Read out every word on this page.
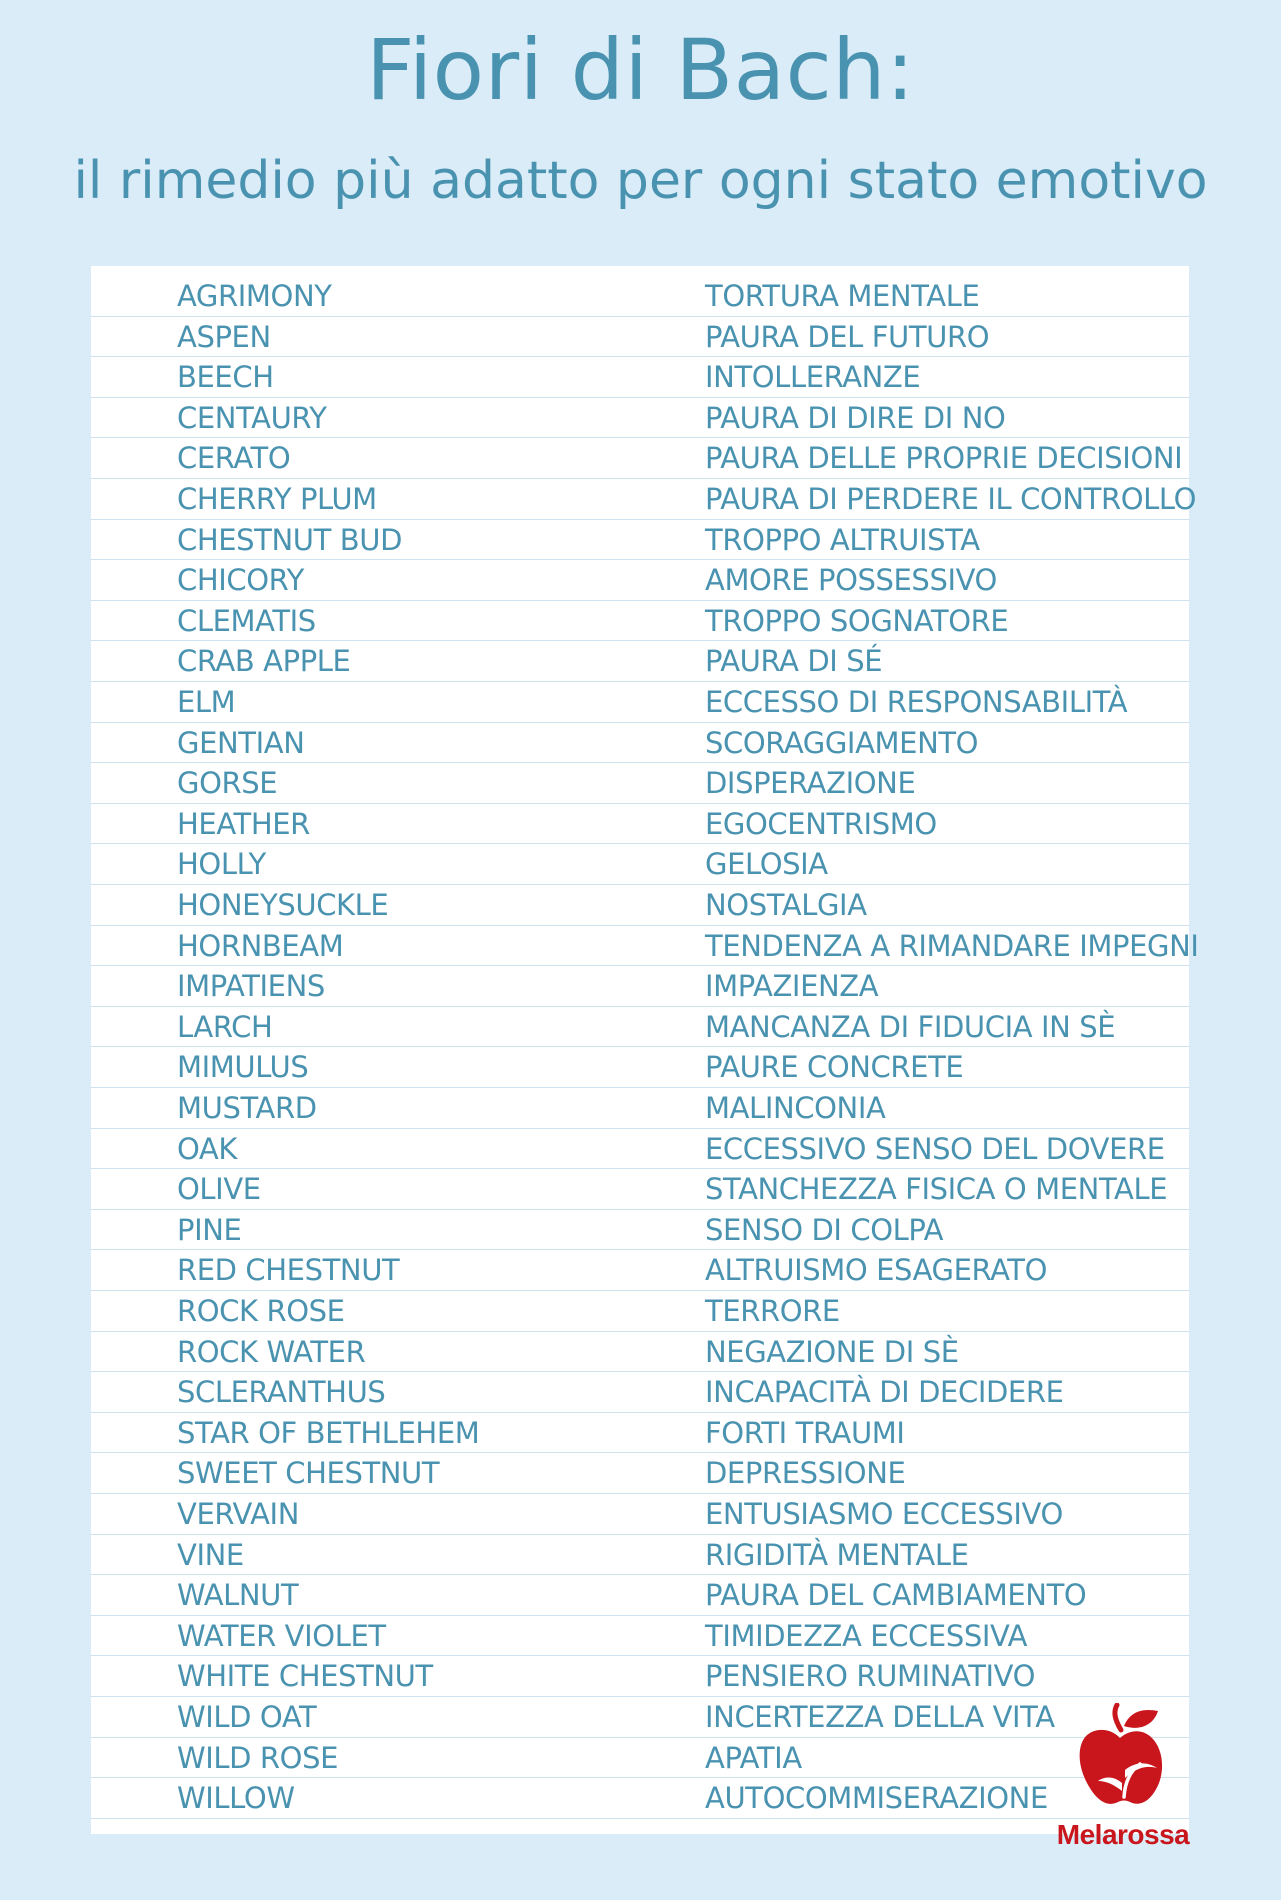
Fiori di Bach:
il rimedio più adatto per ogni stato emotivo
AGRIMONY	TORTURA MENTALE
ASPEN	PAURA DEL FUTURO
BEECH	INTOLLERANZE
CENTAURY	PAURA DI DIRE DI NO
CERATO	PAURA DELLE PROPRIE DECISIONI
CHERRY PLUM	PAURA DI PERDERE IL CONTROLLO
CHESTNUT BUD	TROPPO ALTRUISTA
CHICORY	AMORE POSSESSIVO
CLEMATIS	TROPPO SOGNATORE
CRAB APPLE	PAURA DI SÉ
ELM	ECCESSO DI RESPONSABILITÀ
GENTIAN	SCORAGGIAMENTO
GORSE	DISPERAZIONE
HEATHER	EGOCENTRISMO
HOLLY	GELOSIA
HONEYSUCKLE	NOSTALGIA
HORNBEAM	TENDENZA A RIMANDARE IMPEGNI
IMPATIENS	IMPAZIENZA
LARCH	MANCANZA DI FIDUCIA IN SÈ
MIMULUS	PAURE CONCRETE
MUSTARD	MALINCONIA
OAK	ECCESSIVO SENSO DEL DOVERE
OLIVE	STANCHEZZA FISICA O MENTALE
PINE	SENSO DI COLPA
RED CHESTNUT	ALTRUISMO ESAGERATO
ROCK ROSE	TERRORE
ROCK WATER	NEGAZIONE DI SÈ
SCLERANTHUS	INCAPACITÀ DI DECIDERE
STAR OF BETHLEHEM	FORTI TRAUMI
SWEET CHESTNUT	DEPRESSIONE
VERVAIN	ENTUSIASMO ECCESSIVO
VINE	RIGIDITÀ MENTALE
WALNUT	PAURA DEL CAMBIAMENTO
WATER VIOLET	TIMIDEZZA ECCESSIVA
WHITE CHESTNUT	PENSIERO RUMINATIVO
WILD OAT	INCERTEZZA DELLA VITA
WILD ROSE	APATIA
WILLOW	AUTOCOMMISERAZIONE
Melarossa
